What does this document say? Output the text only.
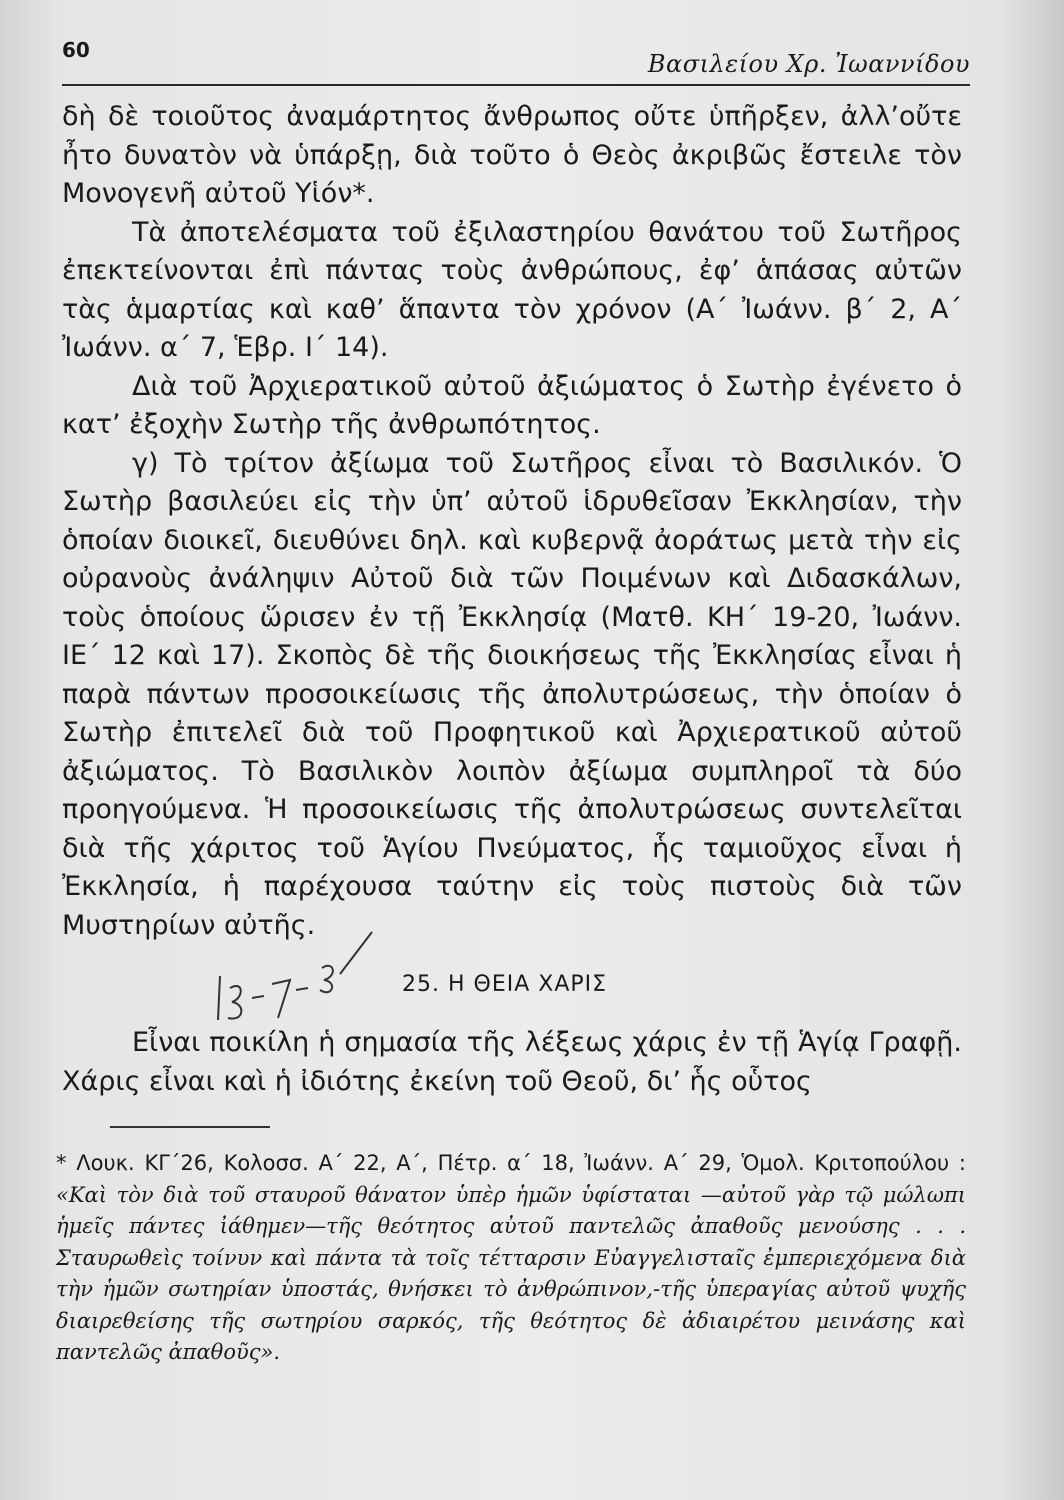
60	Βασιλείου Χρ. Ἰωαννίδου

δὴ δὲ τοιοῦτος ἀναμάρτητος ἄνθρωπος οὔτε ὑπῆρξεν, ἀλλ’οὔτε ἦτο δυνατὸν νὰ ὑπάρξῃ, διὰ τοῦτο ὁ Θεὸς ἀκριβῶς ἔστειλε τὸν Μονογενῆ αὐτοῦ Υἱόν*.

Τὰ ἀποτελέσματα τοῦ ἐξιλαστηρίου θανάτου τοῦ Σωτῆρος ἐπεκτείνονται ἐπὶ πάντας τοὺς ἀνθρώπους, ἐφ’ ἁπάσας αὐτῶν τὰς ἁμαρτίας καὶ καθ’ ἅπαντα τὸν χρόνον (Α΄ Ἰωάνν. β΄ 2, Α΄ Ἰωάνν. α΄ 7, Ἑβρ. Ι΄ 14).

Διὰ τοῦ Ἀρχιερατικοῦ αὐτοῦ ἀξιώματος ὁ Σωτὴρ ἐγένετο ὁ κατ’ ἐξοχὴν Σωτὴρ τῆς ἀνθρωπότητος.

γ) Τὸ τρίτον ἀξίωμα τοῦ Σωτῆρος εἶναι τὸ Βασιλικόν. Ὁ Σωτὴρ βασιλεύει εἰς τὴν ὑπ’ αὐτοῦ ἱδρυθεῖσαν Ἐκκλησίαν, τὴν ὁποίαν διοικεῖ, διευθύνει δηλ. καὶ κυβερνᾷ ἀοράτως μετὰ τὴν εἰς οὐρανοὺς ἀνάληψιν Αὐτοῦ διὰ τῶν Ποιμένων καὶ Διδασκάλων, τοὺς ὁποίους ὥρισεν ἐν τῇ Ἐκκλησίᾳ (Ματθ. ΚΗ΄ 19-20, Ἰωάνν. ΙΕ΄ 12 καὶ 17). Σκοπὸς δὲ τῆς διοικήσεως τῆς Ἐκκλησίας εἶναι ἡ παρὰ πάντων προσοικείωσις τῆς ἀπολυτρώσεως, τὴν ὁποίαν ὁ Σωτὴρ ἐπιτελεῖ διὰ τοῦ Προφητικοῦ καὶ Ἀρχιερατικοῦ αὐτοῦ ἀξιώματος. Τὸ Βασιλικὸν λοιπὸν ἀξίωμα συμπληροῖ τὰ δύο προηγούμενα. Ἡ προσοικείωσις τῆς ἀπολυτρώσεως συντελεῖται διὰ τῆς χάριτος τοῦ Ἁγίου Πνεύματος, ἧς ταμιοῦχος εἶναι ἡ Ἐκκλησία, ἡ παρέχουσα ταύτην εἰς τοὺς πιστοὺς διὰ τῶν Μυστηρίων αὐτῆς.

25. Η ΘΕΙΑ ΧΑΡΙΣ

Εἶναι ποικίλη ἡ σημασία τῆς λέξεως χάρις ἐν τῇ Ἁγίᾳ Γραφῇ. Χάρις εἶναι καὶ ἡ ἰδιότης ἐκείνη τοῦ Θεοῦ, δι’ ἧς οὗτος

* Λουκ. ΚΓ΄26, Κολοσσ. Α΄ 22, Α΄, Πέτρ. α΄ 18, Ἰωάνν. Α΄ 29, Ὁμολ. Κριτοπούλου : «Καὶ τὸν διὰ τοῦ σταυροῦ θάνατον ὑπὲρ ἡμῶν ὑφίσταται —αὐτοῦ γὰρ τῷ μώλωπι ἡμεῖς πάντες ἰάθημεν—τῆς θεότητος αὐτοῦ παντελῶς ἀπαθοῦς μενούσης . . . Σταυρωθεὶς τοίνυν καὶ πάντα τὰ τοῖς τέτταρσιν Εὐαγγελισταῖς ἐμπεριεχόμενα διὰ τὴν ἡμῶν σωτηρίαν ὑποστάς, θνήσκει τὸ ἀνθρώπινον,-τῆς ὑπεραγίας αὐτοῦ ψυχῆς διαιρεθείσης τῆς σωτηρίου σαρκός, τῆς θεότητος δὲ ἀδιαιρέτου μεινάσης καὶ παντελῶς ἀπαθοῦς».
